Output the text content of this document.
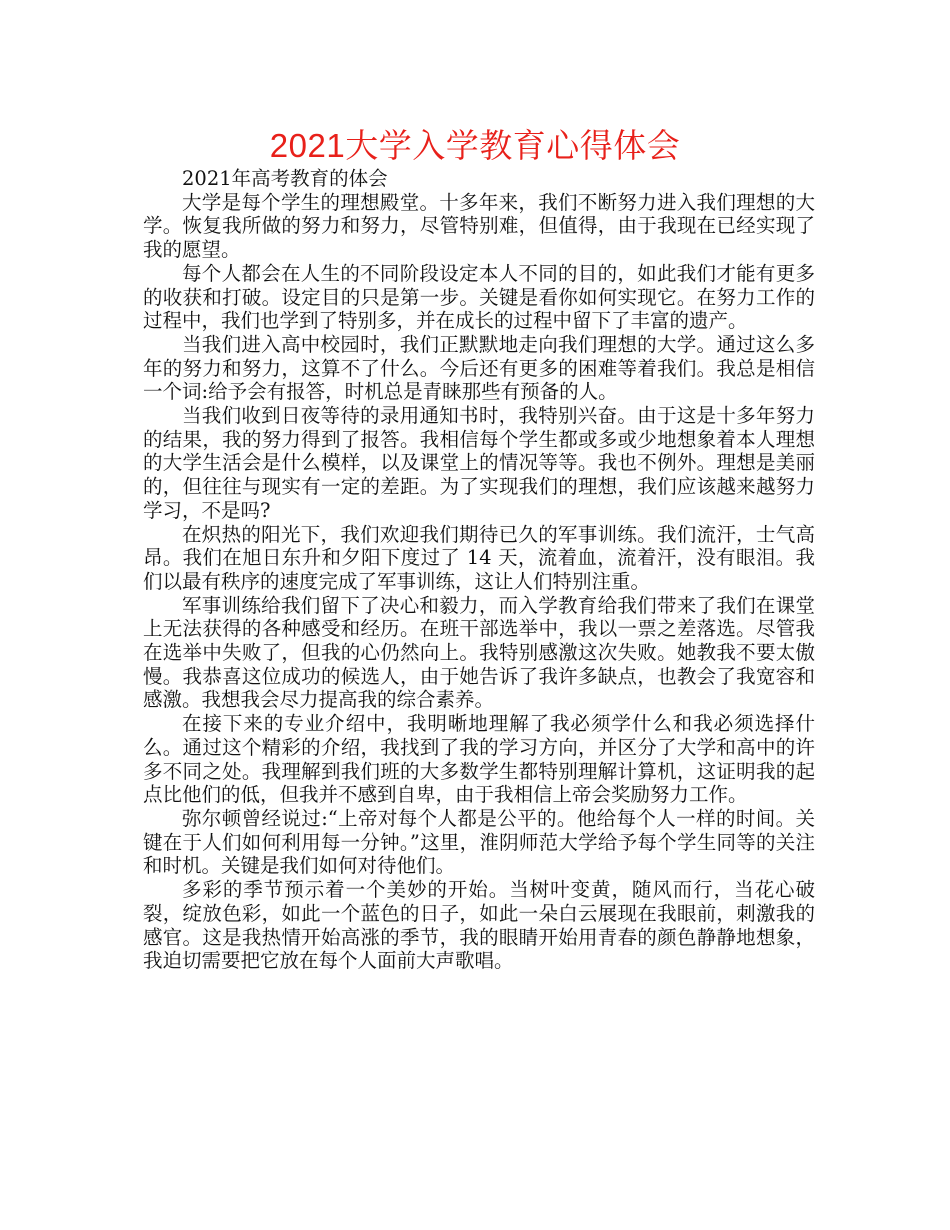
2021大学入学教育心得体会

2021年高考教育的体会

大学是每个学生的理想殿堂。十多年来，我们不断努力进入我们理想的大学。恢复我所做的努力和努力，尽管特别难，但值得，由于我现在已经实现了我的愿望。

每个人都会在人生的不同阶段设定本人不同的目的，如此我们才能有更多的收获和打破。设定目的只是第一步。关键是看你如何实现它。在努力工作的过程中，我们也学到了特别多，并在成长的过程中留下了丰富的遗产。

当我们进入高中校园时，我们正默默地走向我们理想的大学。通过这么多年的努力和努力，这算不了什么。今后还有更多的困难等着我们。我总是相信一个词:给予会有报答，时机总是青睐那些有预备的人。

当我们收到日夜等待的录用通知书时，我特别兴奋。由于这是十多年努力的结果，我的努力得到了报答。我相信每个学生都或多或少地想象着本人理想的大学生活会是什么模样，以及课堂上的情况等等。我也不例外。理想是美丽的，但往往与现实有一定的差距。为了实现我们的理想，我们应该越来越努力学习，不是吗?

在炽热的阳光下，我们欢迎我们期待已久的军事训练。我们流汗，士气高昂。我们在旭日东升和夕阳下度过了 14 天，流着血，流着汗，没有眼泪。我们以最有秩序的速度完成了军事训练，这让人们特别注重。

军事训练给我们留下了决心和毅力，而入学教育给我们带来了我们在课堂上无法获得的各种感受和经历。在班干部选举中，我以一票之差落选。尽管我在选举中失败了，但我的心仍然向上。我特别感激这次失败。她教我不要太傲慢。我恭喜这位成功的候选人，由于她告诉了我许多缺点，也教会了我宽容和感激。我想我会尽力提高我的综合素养。

在接下来的专业介绍中，我明晰地理解了我必须学什么和我必须选择什么。通过这个精彩的介绍，我找到了我的学习方向，并区分了大学和高中的许多不同之处。我理解到我们班的大多数学生都特别理解计算机，这证明我的起点比他们的低，但我并不感到自卑，由于我相信上帝会奖励努力工作。

弥尔顿曾经说过:“上帝对每个人都是公平的。他给每个人一样的时间。关键在于人们如何利用每一分钟。”这里，淮阴师范大学给予每个学生同等的关注和时机。关键是我们如何对待他们。

多彩的季节预示着一个美妙的开始。当树叶变黄，随风而行，当花心破裂，绽放色彩，如此一个蓝色的日子，如此一朵白云展现在我眼前，刺激我的感官。这是我热情开始高涨的季节，我的眼睛开始用青春的颜色静静地想象，我迫切需要把它放在每个人面前大声歌唱。
